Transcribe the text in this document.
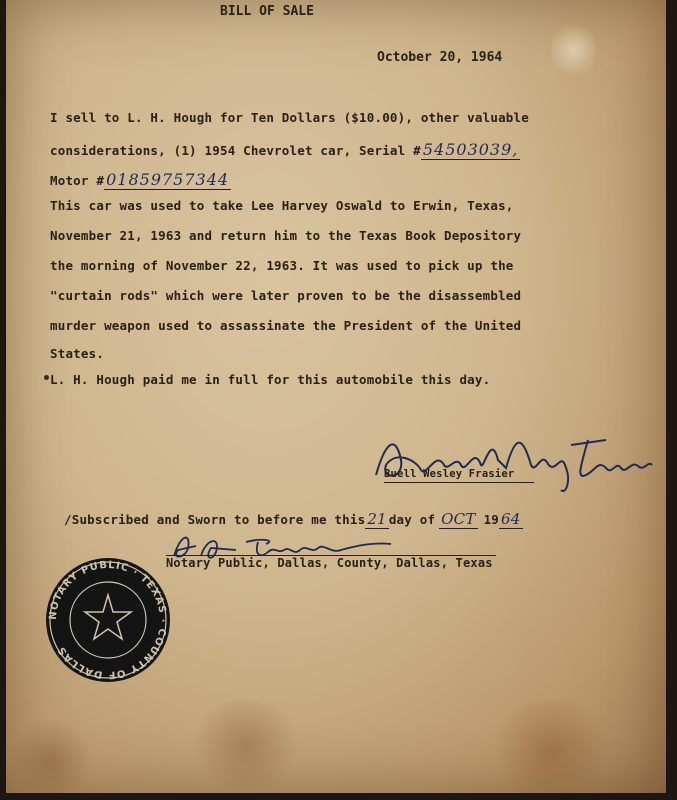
BILL OF SALE
October 20, 1964
I sell to L. H. Hough for Ten Dollars ($10.00), other valuable
considerations, (1) 1954 Chevrolet car, Serial # 54503039,
Motor # 01859757344
This car was used to take Lee Harvey Oswald to Erwin, Texas,
November 21, 1963 and return him to the Texas Book Depository
the morning of November 22, 1963. It was used to pick up the
"curtain rods" which were later proven to be the disassembled
murder weapon used to assassinate the President of the United
States.
L. H. Hough paid me in full for this automobile this day.
Buell Wesley Frasier
/Subscribed and Sworn to before me this 21 day of OCT 19 64
Notary Public, Dallas, County, Dallas, Texas
NOTARY PUBLIC · TEXAS · COUNTY OF DALLAS
